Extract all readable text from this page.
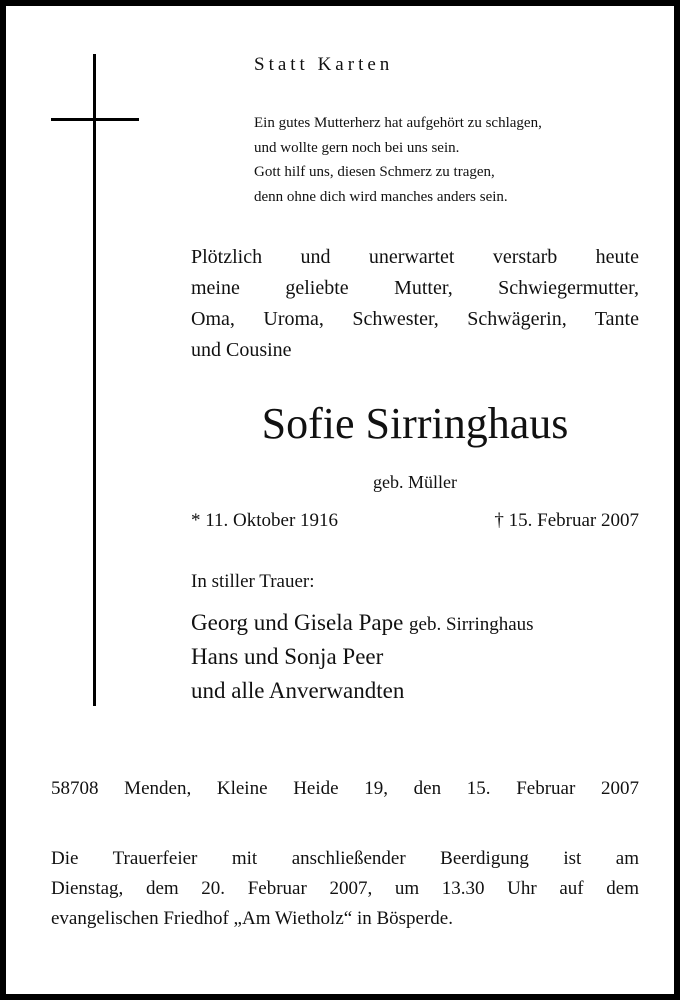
Statt Karten
Ein gutes Mutterherz hat aufgehört zu schlagen,
und wollte gern noch bei uns sein.
Gott hilf uns, diesen Schmerz zu tragen,
denn ohne dich wird manches anders sein.
Plötzlich und unerwartet verstarb heute
meine geliebte Mutter, Schwiegermutter,
Oma, Uroma, Schwester, Schwägerin, Tante
und Cousine
Sofie Sirringhaus
geb. Müller
* 11. Oktober 1916	† 15. Februar 2007
In stiller Trauer:
Georg und Gisela Pape geb. Sirringhaus
Hans und Sonja Peer
und alle Anverwandten
58708 Menden, Kleine Heide 19, den 15. Februar 2007
Die Trauerfeier mit anschließender Beerdigung ist am
Dienstag, dem 20. Februar 2007, um 13.30 Uhr auf dem
evangelischen Friedhof „Am Wietholz“ in Bösperde.
